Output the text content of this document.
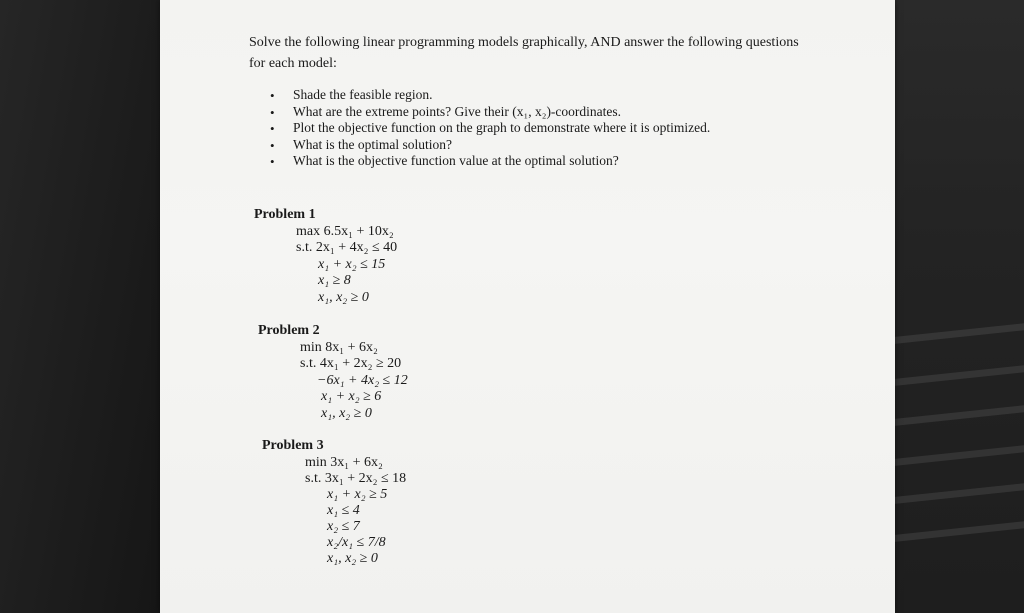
Solve the following linear programming models graphically, AND answer the following questions for each model:
• Shade the feasible region.
• What are the extreme points? Give their (x₁, x₂)-coordinates.
• Plot the objective function on the graph to demonstrate where it is optimized.
• What is the optimal solution?
• What is the objective function value at the optimal solution?
Problem 1
max 6.5x₁ + 10x₂
s.t. 2x₁ + 4x₂ ≤ 40
x₁ + x₂ ≤ 15
x₁ ≥ 8
x₁, x₂ ≥ 0
Problem 2
min 8x₁ + 6x₂
s.t. 4x₁ + 2x₂ ≥ 20
−6x₁ + 4x₂ ≤ 12
x₁ + x₂ ≥ 6
x₁, x₂ ≥ 0
Problem 3
min 3x₁ + 6x₂
s.t. 3x₁ + 2x₂ ≤ 18
x₁ + x₂ ≥ 5
x₁ ≤ 4
x₂ ≤ 7
x₂/x₁ ≤ 7/8
x₁, x₂ ≥ 0
